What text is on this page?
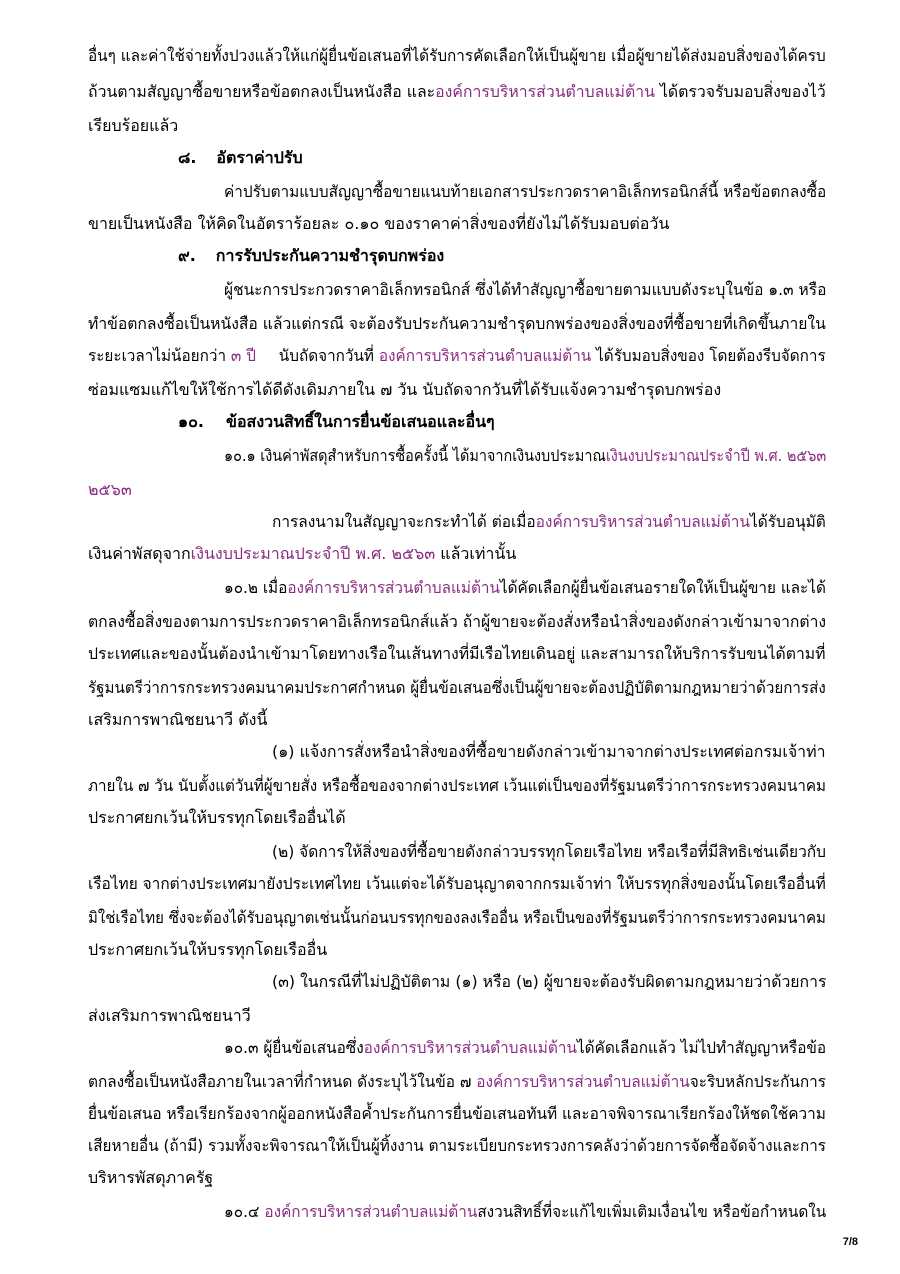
อื่นๆ และค่าใช้จ่ายทั้งปวงแล้วให้แก่ผู้ยื่นข้อเสนอที่ได้รับการคัดเลือกให้เป็นผู้ขาย เมื่อผู้ขายได้ส่งมอบสิ่งของได้ครบ
ถ้วนตามสัญญาซื้อขายหรือข้อตกลงเป็นหนังสือ และองค์การบริหารส่วนตำบลแม่ต้าน ได้ตรวจรับมอบสิ่งของไว้
เรียบร้อยแล้ว
๘. อัตราค่าปรับ
ค่าปรับตามแบบสัญญาซื้อขายแนบท้ายเอกสารประกวดราคาอิเล็กทรอนิกส์นี้ หรือข้อตกลงซื้อ
ขายเป็นหนังสือ ให้คิดในอัตราร้อยละ ๐.๑๐ ของราคาค่าสิ่งของที่ยังไม่ได้รับมอบต่อวัน
๙. การรับประกันความชำรุดบกพร่อง
ผู้ชนะการประกวดราคาอิเล็กทรอนิกส์ ซึ่งได้ทำสัญญาซื้อขายตามแบบดังระบุในข้อ ๑.๓ หรือ
ทำข้อตกลงซื้อเป็นหนังสือ แล้วแต่กรณี จะต้องรับประกันความชำรุดบกพร่องของสิ่งของที่ซื้อขายที่เกิดขึ้นภายใน
ระยะเวลาไม่น้อยกว่า ๓ ปี นับถัดจากวันที่ องค์การบริหารส่วนตำบลแม่ต้าน ได้รับมอบสิ่งของ โดยต้องรีบจัดการ
ซ่อมแซมแก้ไขให้ใช้การได้ดีดังเดิมภายใน ๗ วัน นับถัดจากวันที่ได้รับแจ้งความชำรุดบกพร่อง
๑๐. ข้อสงวนสิทธิ์ในการยื่นข้อเสนอและอื่นๆ
๑๐.๑ เงินค่าพัสดุสำหรับการซื้อครั้งนี้ ได้มาจากเงินงบประมาณเงินงบประมาณประจำปี พ.ศ. ๒๕๖๓
๒๕๖๓
การลงนามในสัญญาจะกระทำได้ ต่อเมื่อองค์การบริหารส่วนตำบลแม่ต้านได้รับอนุมัติ
เงินค่าพัสดุจากเงินงบประมาณประจำปี พ.ศ. ๒๕๖๓ แล้วเท่านั้น
๑๐.๒ เมื่อองค์การบริหารส่วนตำบลแม่ต้านได้คัดเลือกผู้ยื่นข้อเสนอรายใดให้เป็นผู้ขาย และได้
ตกลงซื้อสิ่งของตามการประกวดราคาอิเล็กทรอนิกส์แล้ว ถ้าผู้ขายจะต้องสั่งหรือนำสิ่งของดังกล่าวเข้ามาจากต่าง
ประเทศและของนั้นต้องนำเข้ามาโดยทางเรือในเส้นทางที่มีเรือไทยเดินอยู่ และสามารถให้บริการรับขนได้ตามที่
รัฐมนตรีว่าการกระทรวงคมนาคมประกาศกำหนด ผู้ยื่นข้อเสนอซึ่งเป็นผู้ขายจะต้องปฏิบัติตามกฎหมายว่าด้วยการส่ง
เสริมการพาณิชยนาวี ดังนี้
(๑) แจ้งการสั่งหรือนำสิ่งของที่ซื้อขายดังกล่าวเข้ามาจากต่างประเทศต่อกรมเจ้าท่า
ภายใน ๗ วัน นับตั้งแต่วันที่ผู้ขายสั่ง หรือซื้อของจากต่างประเทศ เว้นแต่เป็นของที่รัฐมนตรีว่าการกระทรวงคมนาคม
ประกาศยกเว้นให้บรรทุกโดยเรืออื่นได้
(๒) จัดการให้สิ่งของที่ซื้อขายดังกล่าวบรรทุกโดยเรือไทย หรือเรือที่มีสิทธิเช่นเดียวกับ
เรือไทย จากต่างประเทศมายังประเทศไทย เว้นแต่จะได้รับอนุญาตจากกรมเจ้าท่า ให้บรรทุกสิ่งของนั้นโดยเรืออื่นที่
มิใช่เรือไทย ซึ่งจะต้องได้รับอนุญาตเช่นนั้นก่อนบรรทุกของลงเรืออื่น หรือเป็นของที่รัฐมนตรีว่าการกระทรวงคมนาคม
ประกาศยกเว้นให้บรรทุกโดยเรืออื่น
(๓) ในกรณีที่ไม่ปฏิบัติตาม (๑) หรือ (๒) ผู้ขายจะต้องรับผิดตามกฎหมายว่าด้วยการ
ส่งเสริมการพาณิชยนาวี
๑๐.๓ ผู้ยื่นข้อเสนอซึ่งองค์การบริหารส่วนตำบลแม่ต้านได้คัดเลือกแล้ว ไม่ไปทำสัญญาหรือข้อ
ตกลงซื้อเป็นหนังสือภายในเวลาที่กำหนด ดังระบุไว้ในข้อ ๗ องค์การบริหารส่วนตำบลแม่ต้านจะริบหลักประกันการ
ยื่นข้อเสนอ หรือเรียกร้องจากผู้ออกหนังสือค้ำประกันการยื่นข้อเสนอทันที และอาจพิจารณาเรียกร้องให้ชดใช้ความ
เสียหายอื่น (ถ้ามี) รวมทั้งจะพิจารณาให้เป็นผู้ทิ้งงาน ตามระเบียบกระทรวงการคลังว่าด้วยการจัดซื้อจัดจ้างและการ
บริหารพัสดุภาครัฐ
๑๐.๔ องค์การบริหารส่วนตำบลแม่ต้านสงวนสิทธิ์ที่จะแก้ไขเพิ่มเติมเงื่อนไข หรือข้อกำหนดใน
7/8
